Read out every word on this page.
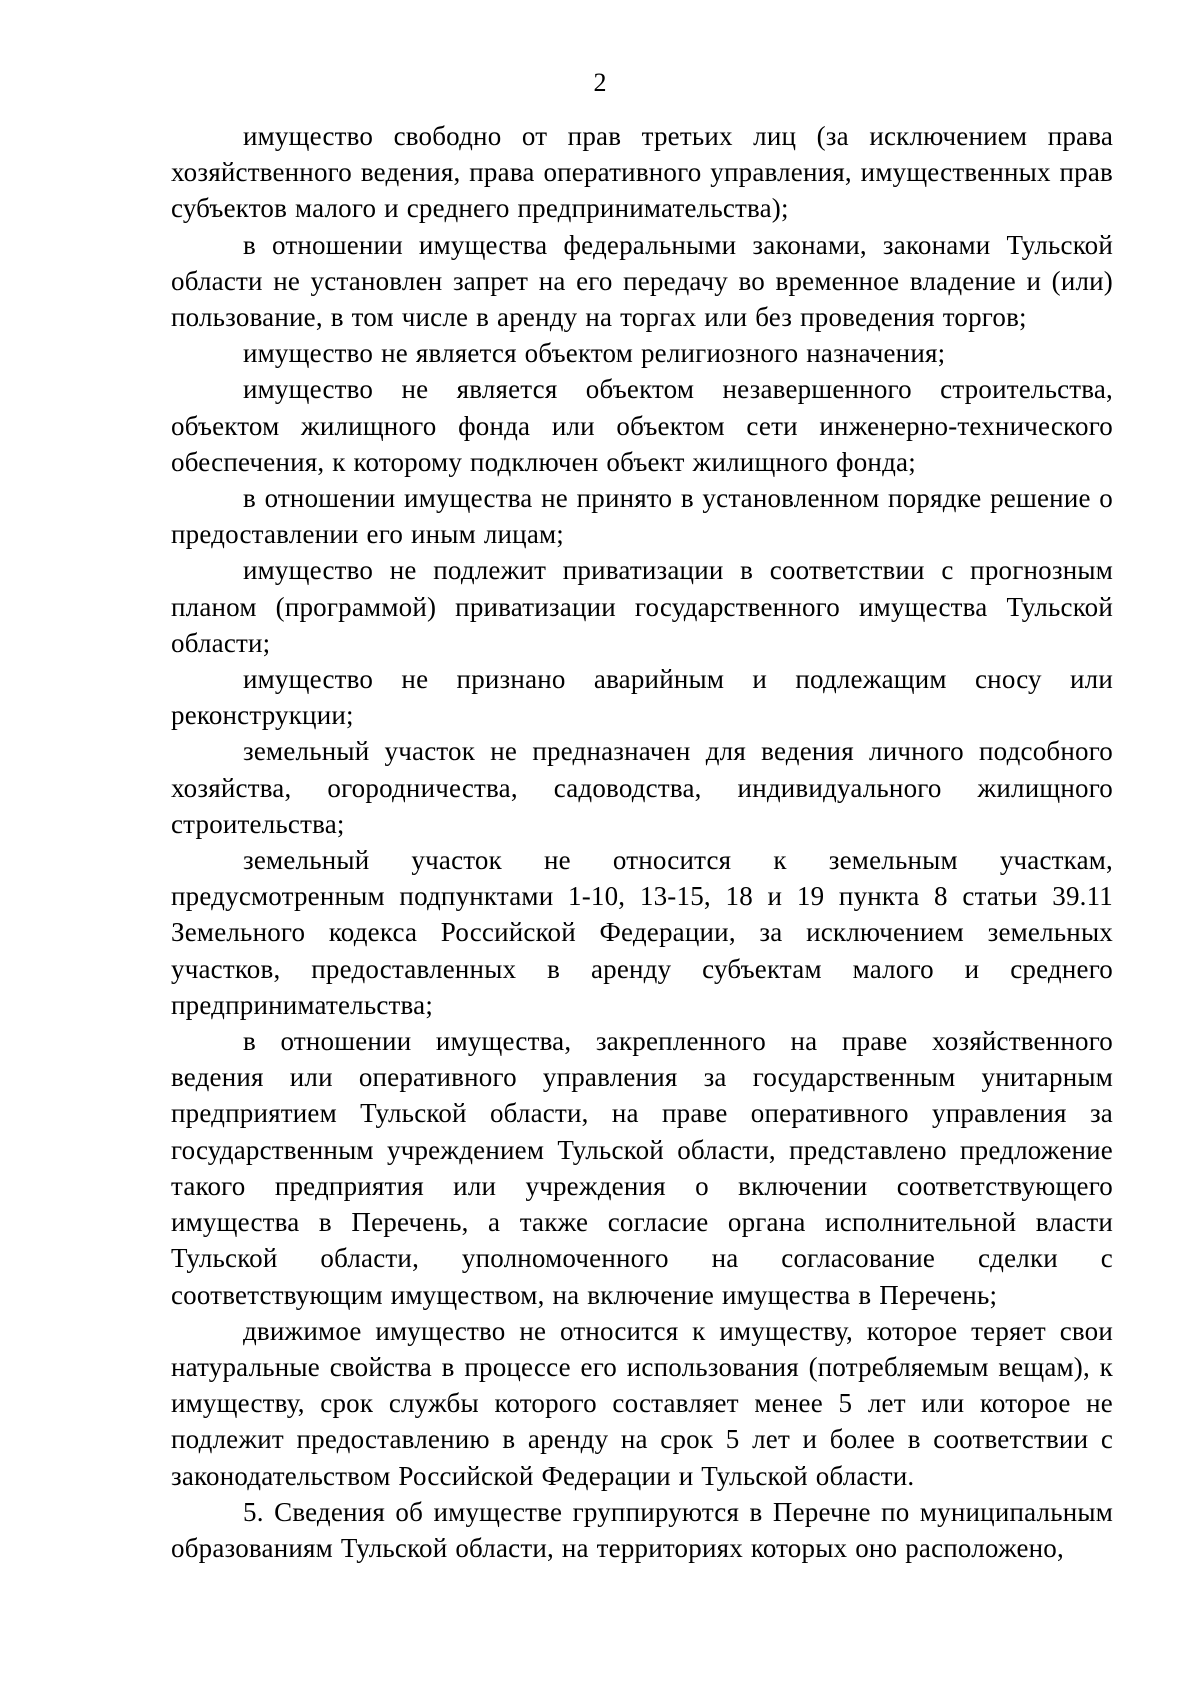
2

имущество свободно от прав третьих лиц (за исключением права хозяйственного ведения, права оперативного управления, имущественных прав субъектов малого и среднего предпринимательства);

в отношении имущества федеральными законами, законами Тульской области не установлен запрет на его передачу во временное владение и (или) пользование, в том числе в аренду на торгах или без проведения торгов;

имущество не является объектом религиозного назначения;

имущество не является объектом незавершенного строительства, объектом жилищного фонда или объектом сети инженерно-технического обеспечения, к которому подключен объект жилищного фонда;

в отношении имущества не принято в установленном порядке решение о предоставлении его иным лицам;

имущество не подлежит приватизации в соответствии с прогнозным планом (программой) приватизации государственного имущества Тульской области;

имущество не признано аварийным и подлежащим сносу или реконструкции;

земельный участок не предназначен для ведения личного подсобного хозяйства, огородничества, садоводства, индивидуального жилищного строительства;

земельный участок не относится к земельным участкам, предусмотренным подпунктами 1-10, 13-15, 18 и 19 пункта 8 статьи 39.11 Земельного кодекса Российской Федерации, за исключением земельных участков, предоставленных в аренду субъектам малого и среднего предпринимательства;

в отношении имущества, закрепленного на праве хозяйственного ведения или оперативного управления за государственным унитарным предприятием Тульской области, на праве оперативного управления за государственным учреждением Тульской области, представлено предложение такого предприятия или учреждения о включении соответствующего имущества в Перечень, а также согласие органа исполнительной власти Тульской области, уполномоченного на согласование сделки с соответствующим имуществом, на включение имущества в Перечень;

движимое имущество не относится к имуществу, которое теряет свои натуральные свойства в процессе его использования (потребляемым вещам), к имуществу, срок службы которого составляет менее 5 лет или которое не подлежит предоставлению в аренду на срок 5 лет и более в соответствии с законодательством Российской Федерации и Тульской области.

5. Сведения об имуществе группируются в Перечне по муниципальным образованиям Тульской области, на территориях которых оно расположено,
